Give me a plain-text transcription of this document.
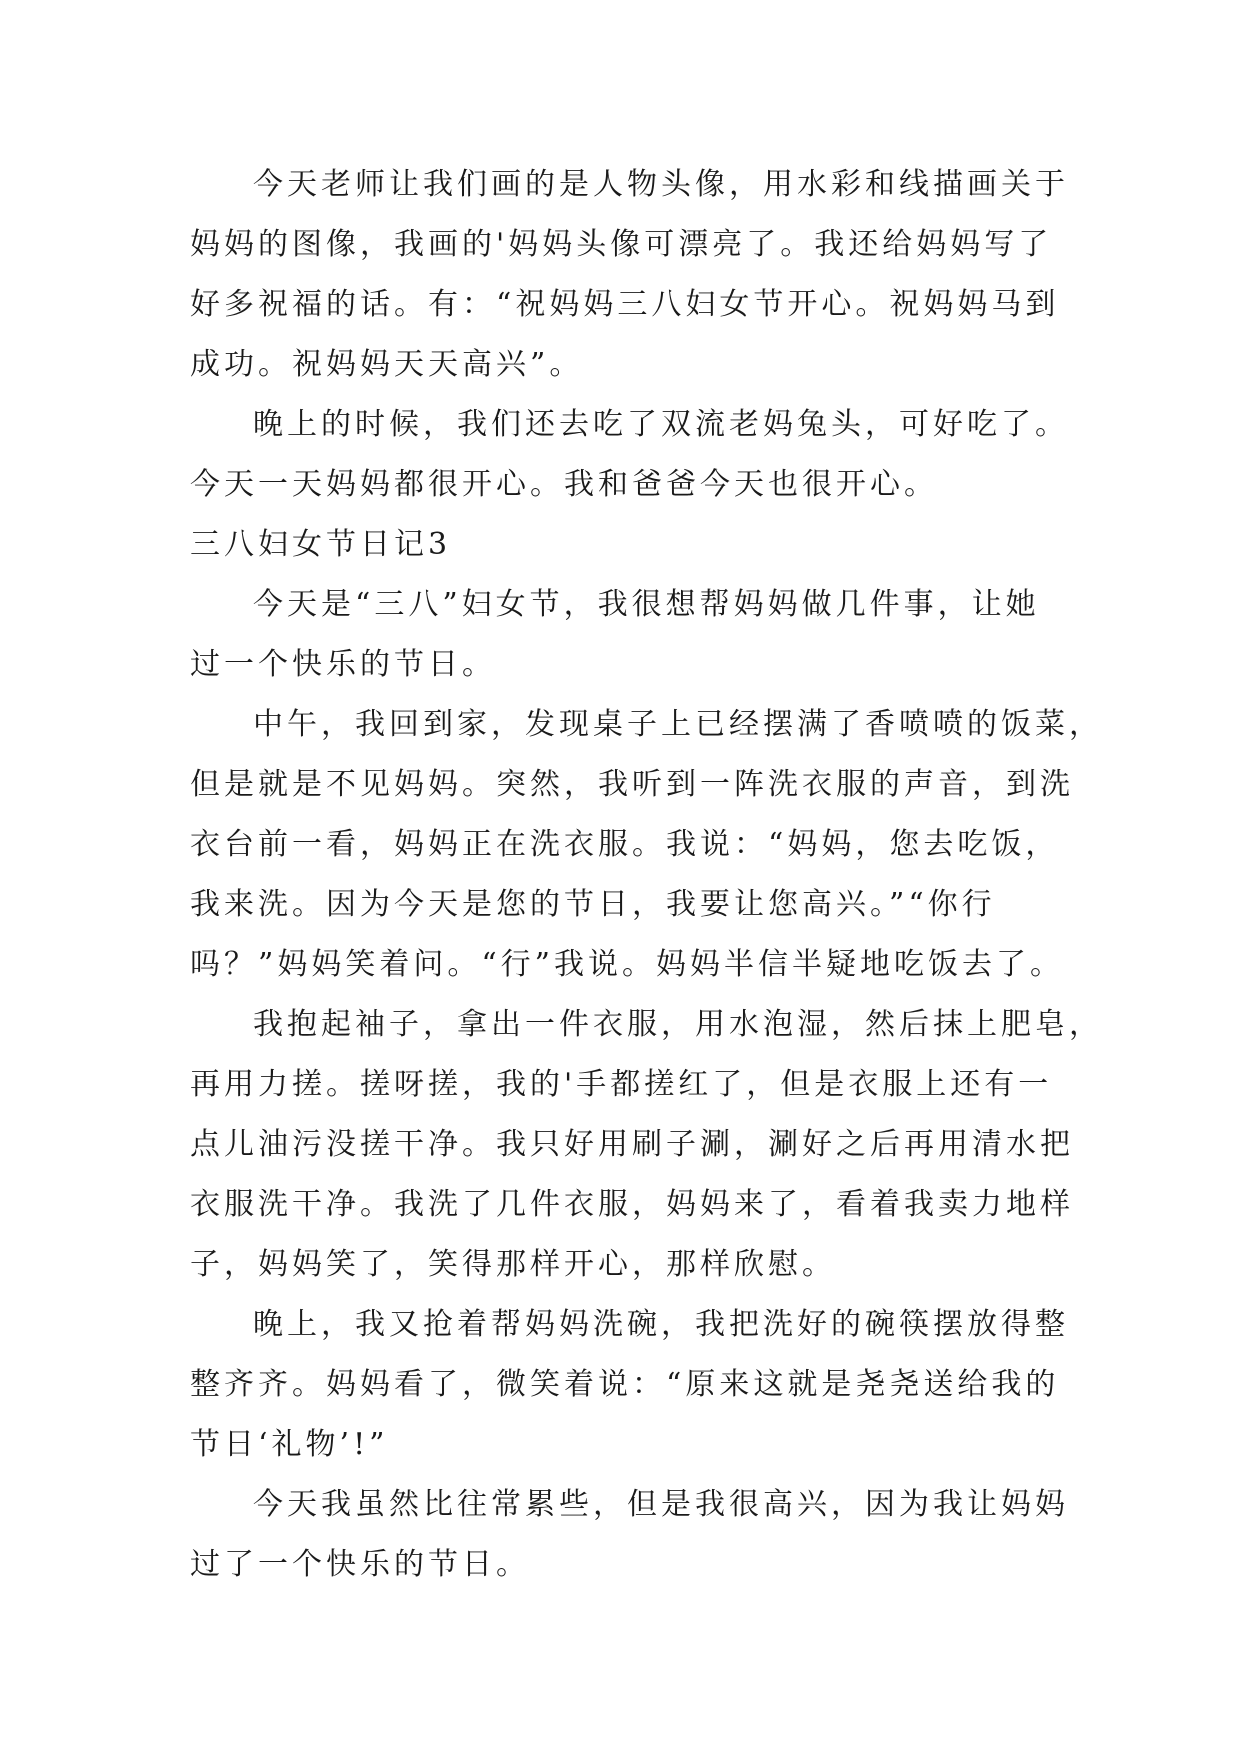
今天老师让我们画的是人物头像，用水彩和线描画关于
妈妈的图像，我画的'妈妈头像可漂亮了。我还给妈妈写了
好多祝福的话。有：“祝妈妈三八妇女节开心。祝妈妈马到
成功。祝妈妈天天高兴”。
晚上的时候，我们还去吃了双流老妈兔头，可好吃了。
今天一天妈妈都很开心。我和爸爸今天也很开心。
三八妇女节日记3
今天是“三八”妇女节，我很想帮妈妈做几件事，让她
过一个快乐的节日。
中午，我回到家，发现桌子上已经摆满了香喷喷的饭菜，
但是就是不见妈妈。突然，我听到一阵洗衣服的声音，到洗
衣台前一看，妈妈正在洗衣服。我说：“妈妈，您去吃饭，
我来洗。因为今天是您的节日，我要让您高兴。”“你行
吗？”妈妈笑着问。“行”我说。妈妈半信半疑地吃饭去了。
我抱起袖子，拿出一件衣服，用水泡湿，然后抹上肥皂，
再用力搓。搓呀搓，我的'手都搓红了，但是衣服上还有一
点儿油污没搓干净。我只好用刷子涮，涮好之后再用清水把
衣服洗干净。我洗了几件衣服，妈妈来了，看着我卖力地样
子，妈妈笑了，笑得那样开心，那样欣慰。
晚上，我又抢着帮妈妈洗碗，我把洗好的碗筷摆放得整
整齐齐。妈妈看了，微笑着说：“原来这就是尧尧送给我的
节日‘礼物’!”
今天我虽然比往常累些，但是我很高兴，因为我让妈妈
过了一个快乐的节日。
